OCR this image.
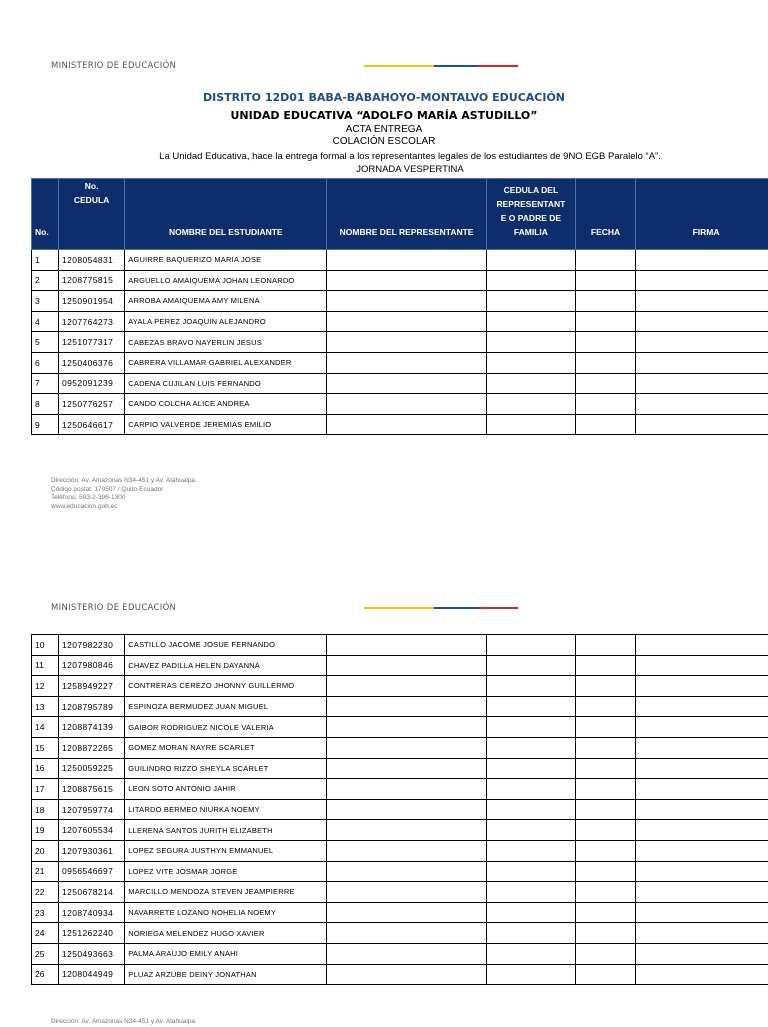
MINISTERIO DE EDUCACIÓN
DISTRITO 12D01 BABA-BABAHOYO-MONTALVO EDUCACIÓN
UNIDAD EDUCATIVA “ADOLFO MARÍA ASTUDILLO”
ACTA ENTREGA
COLACIÓN ESCOLAR
La Unidad Educativa, hace la entrega formal a los representantes legales de los estudiantes de 9NO EGB Paralelo “A”. JORNADA VESPERTINA
No.	No. CEDULA	NOMBRE DEL ESTUDIANTE	NOMBRE DEL REPRESENTANTE	CEDULA DEL REPRESENTANT E O PADRE DE FAMILIA	FECHA	FIRMA
1	1208054831	AGUIRRE BAQUERIZO MARIA JOSE				
2	1208775815	ARGUELLO AMAIQUEMA JOHAN LEONARDO				
3	1250901954	ARROBA AMAIQUEMA AMY MILENA				
4	1207764273	AYALA PEREZ JOAQUIN ALEJANDRO				
5	1251077317	CABEZAS BRAVO NAYERLIN JESUS				
6	1250406376	CABRERA VILLAMAR GABRIEL ALEXANDER				
7	0952091239	CADENA CUJILAN LUIS FERNANDO				
8	1250776257	CANDO COLCHA ALICE ANDREA				
9	1250646617	CARPIO VALVERDE JEREMIAS EMILIO				
Dirección: Av. Amazonas N34-451 y Av. Atahualpa.
Código postal: 170507 / Quito-Ecuador
Teléfono: 593-2-396-1300
www.educacion.gob.ec
MINISTERIO DE EDUCACIÓN
10	1207982230	CASTILLO JACOME JOSUE FERNANDO				
11	1207980846	CHAVEZ PADILLA HELEN DAYANNA				
12	1258949227	CONTRERAS CEREZO JHONNY GUILLERMO				
13	1208795789	ESPINOZA BERMUDEZ JUAN MIGUEL				
14	1208874139	GAIBOR RODRIGUEZ NICOLE VALERIA				
15	1208872265	GOMEZ MORAN NAYRE SCARLET				
16	1250059225	GUILINDRO RIZZO SHEYLA SCARLET				
17	1208875615	LEON SOTO ANTONIO JAHIR				
18	1207959774	LITARDO BERMEO NIURKA NOEMY				
19	1207605534	LLERENA SANTOS JURITH ELIZABETH				
20	1207930361	LOPEZ SEGURA JUSTHYN EMMANUEL				
21	0956546697	LOPEZ VITE JOSMAR JORGE				
22	1250678214	MARCILLO MENDOZA STEVEN JEAMPIERRE				
23	1208740934	NAVARRETE LOZANO NOHELIA NOEMY				
24	1251262240	NORIEGA MELENDEZ HUGO XAVIER				
25	1250493663	PALMA ARAUJO EMILY ANAHI				
26	1208044949	PLUAZ ARZUBE DEINY JONATHAN				
Dirección: Av. Amazonas N34-451 y Av. Atahualpa.
